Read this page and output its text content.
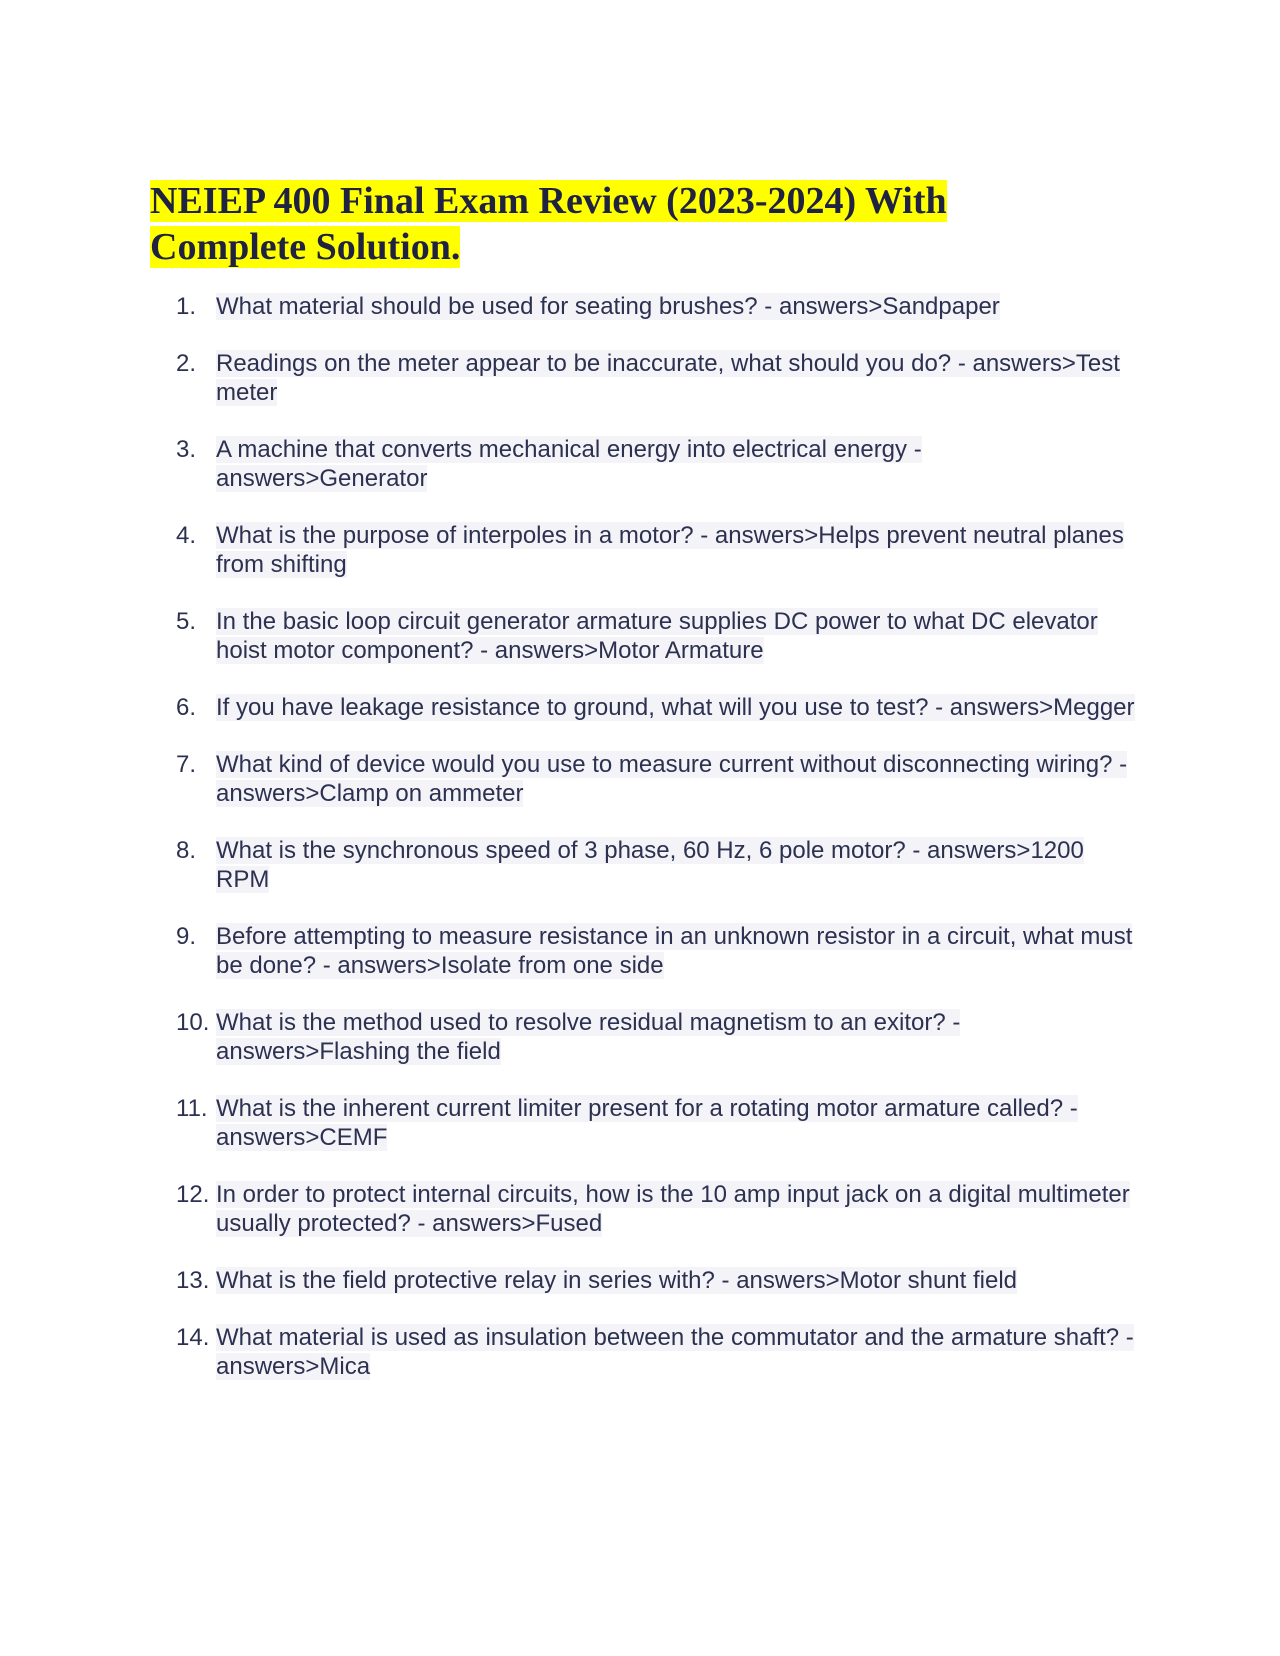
NEIEP 400 Final Exam Review (2023-2024) With Complete Solution.
1. What material should be used for seating brushes? - answers>Sandpaper
2. Readings on the meter appear to be inaccurate, what should you do? - answers>Test meter
3. A machine that converts mechanical energy into electrical energy - answers>Generator
4. What is the purpose of interpoles in a motor? - answers>Helps prevent neutral planes from shifting
5. In the basic loop circuit generator armature supplies DC power to what DC elevator hoist motor component? - answers>Motor Armature
6. If you have leakage resistance to ground, what will you use to test? - answers>Megger
7. What kind of device would you use to measure current without disconnecting wiring? - answers>Clamp on ammeter
8. What is the synchronous speed of 3 phase, 60 Hz, 6 pole motor? - answers>1200 RPM
9. Before attempting to measure resistance in an unknown resistor in a circuit, what must be done? - answers>Isolate from one side
10. What is the method used to resolve residual magnetism to an exitor? - answers>Flashing the field
11. What is the inherent current limiter present for a rotating motor armature called? - answers>CEMF
12. In order to protect internal circuits, how is the 10 amp input jack on a digital multimeter usually protected? - answers>Fused
13. What is the field protective relay in series with? - answers>Motor shunt field
14. What material is used as insulation between the commutator and the armature shaft? - answers>Mica
